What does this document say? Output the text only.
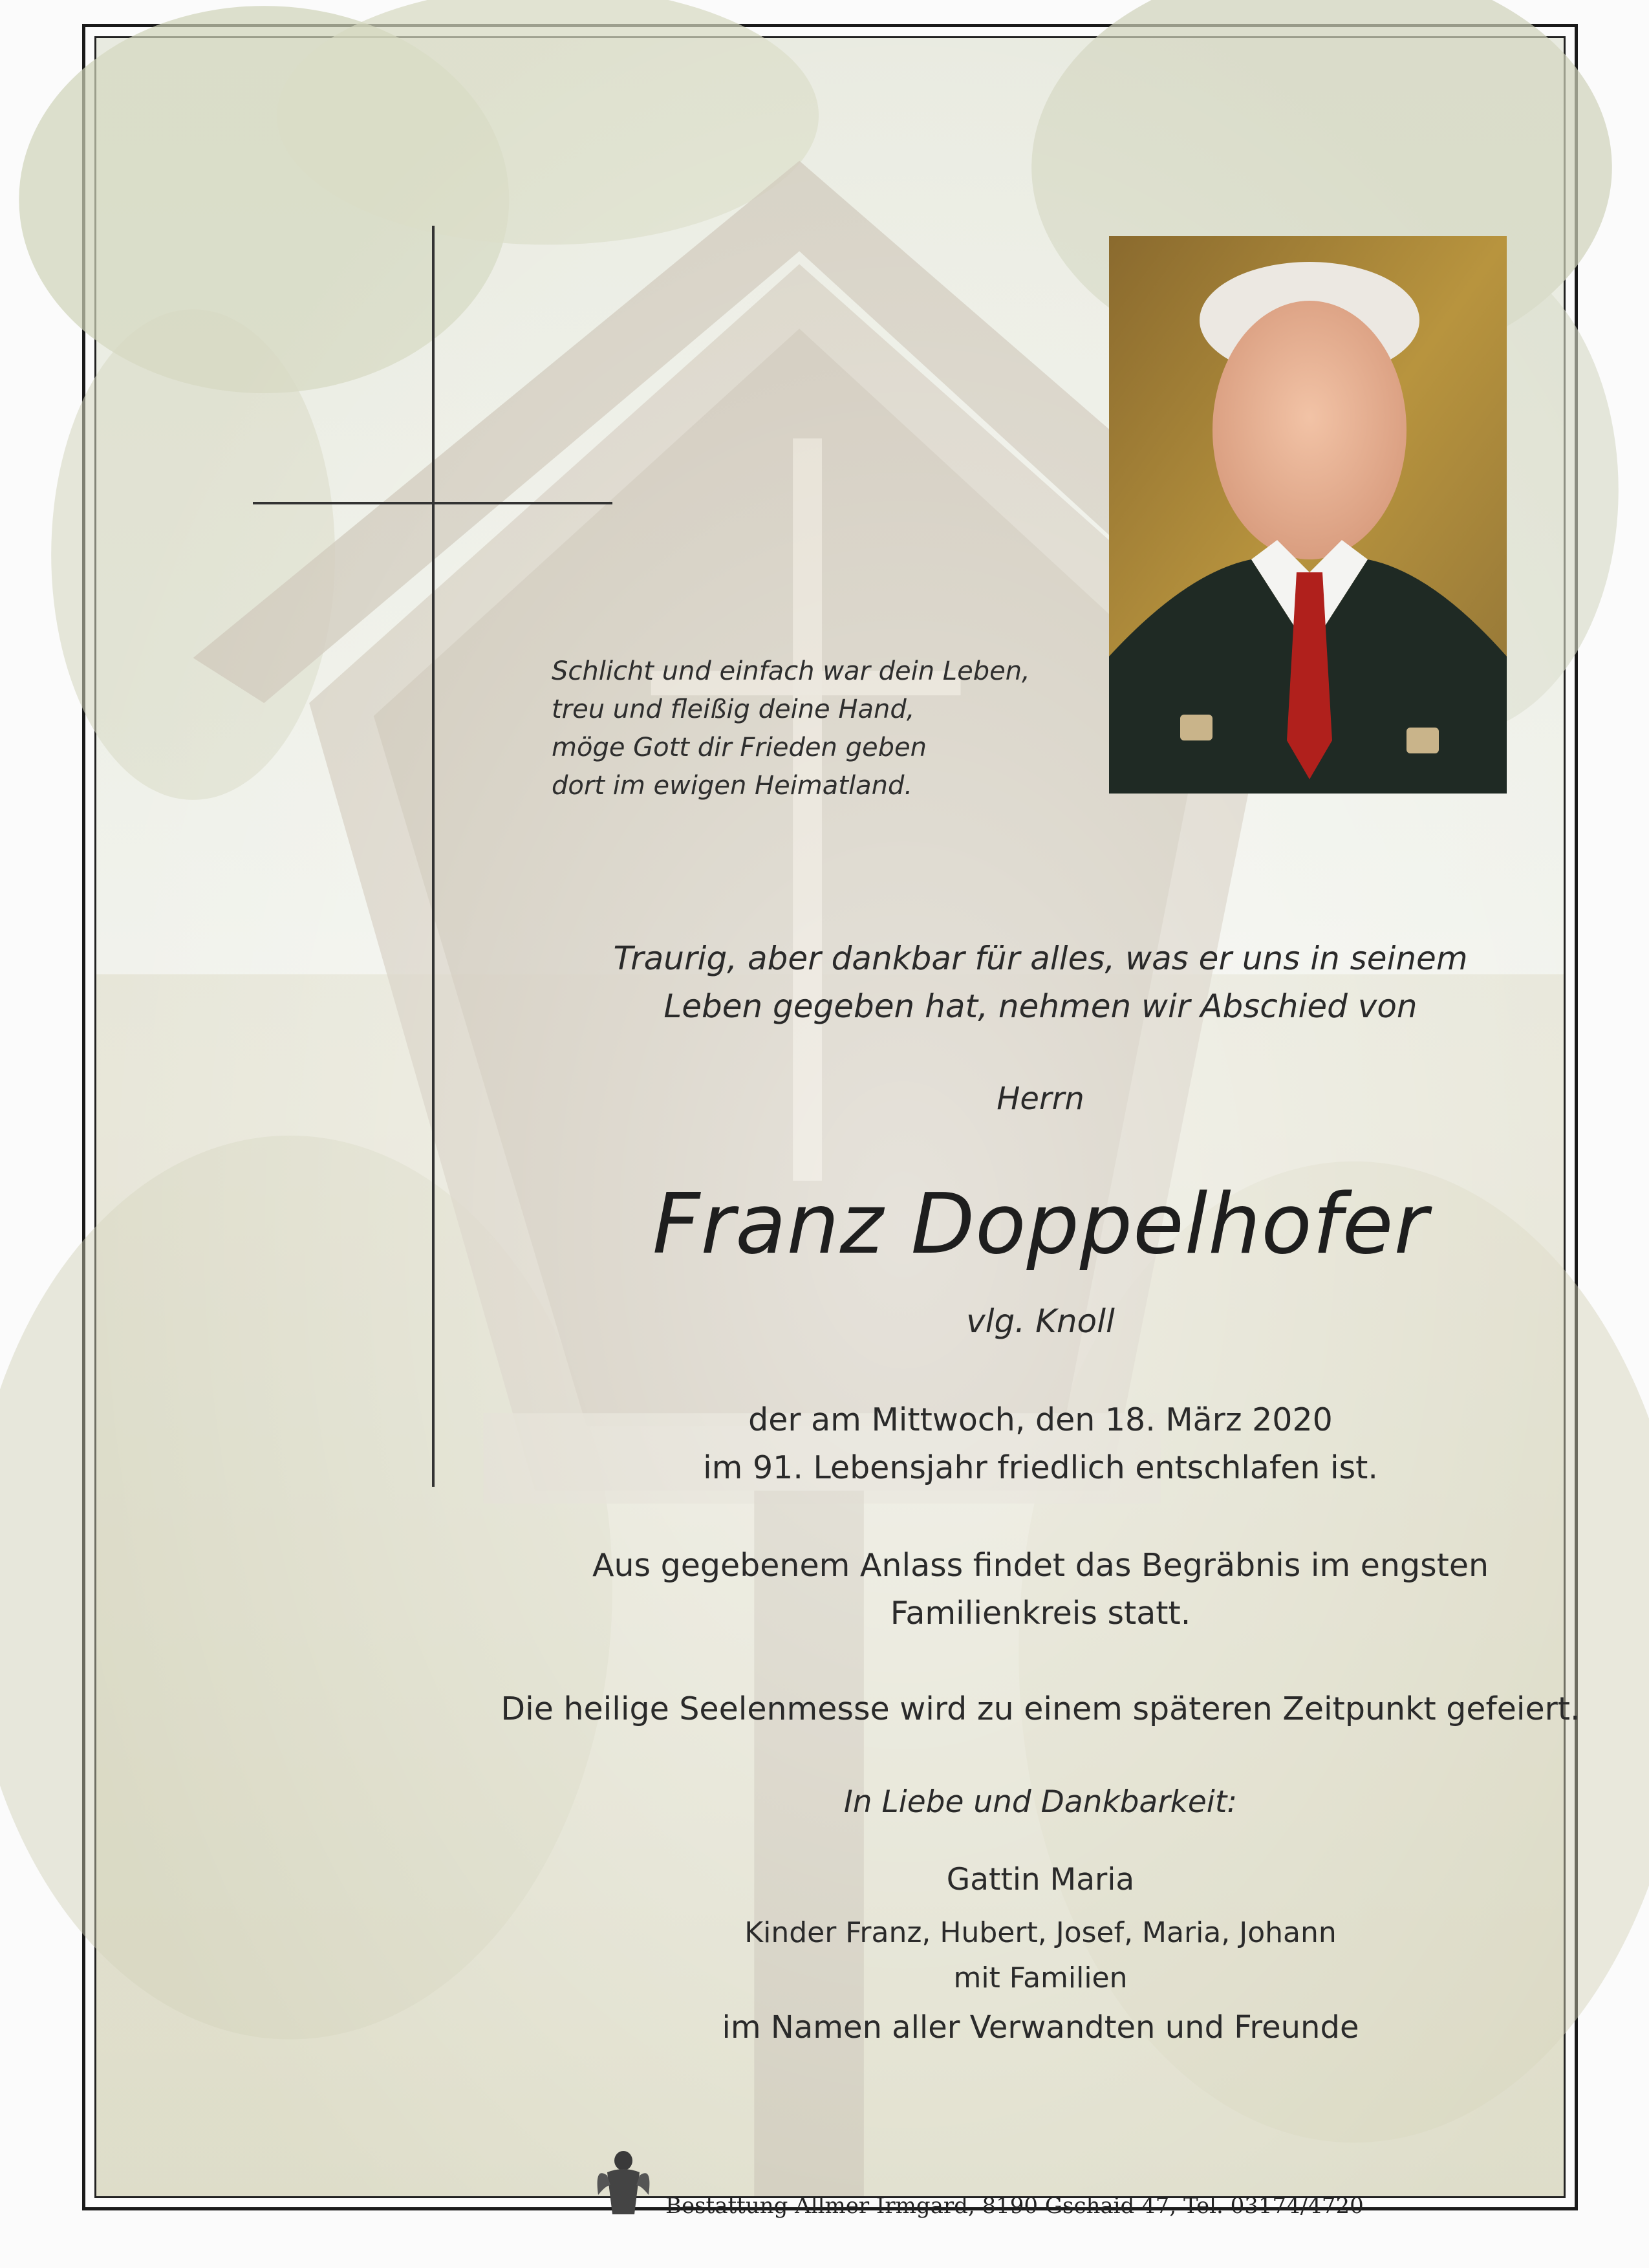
Schlicht und einfach war dein Leben,
treu und fleißig deine Hand,
möge Gott dir Frieden geben
dort im ewigen Heimatland.
Traurig, aber dankbar für alles, was er uns in seinem
Leben gegeben hat, nehmen wir Abschied von
Herrn
Franz Doppelhofer
vlg. Knoll
der am Mittwoch, den 18. März 2020
im 91. Lebensjahr friedlich entschlafen ist.
Aus gegebenem Anlass findet das Begräbnis im engsten
Familienkreis statt.
Die heilige Seelenmesse wird zu einem späteren Zeitpunkt gefeiert.
In Liebe und Dankbarkeit:
Gattin Maria
Kinder Franz, Hubert, Josef, Maria, Johann
mit Familien
im Namen aller Verwandten und Freunde
Bestattung Allmer Irmgard, 8190 Gschaid 47, Tel. 03174/4720
